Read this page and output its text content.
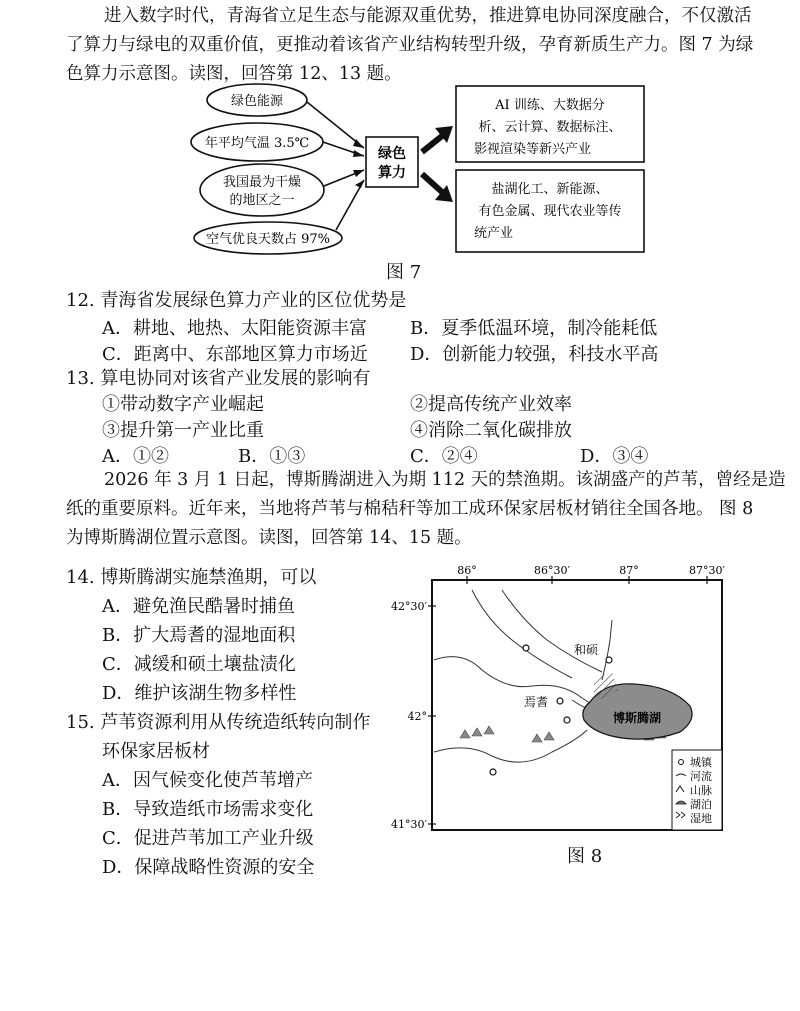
进入数字时代，青海省立足生态与能源双重优势，推进算电协同深度融合，不仅激活
了算力与绿电的双重价值，更推动着该省产业结构转型升级，孕育新质生产力。图 7 为绿
色算力示意图。读图，回答第 12、13 题。
绿色能源
年平均气温 3.5℃
我国最为干燥
的地区之一
空气优良天数占 97%
绿色
算力
AI 训练、大数据分
析、云计算、数据标注、
影视渲染等新兴产业
盐湖化工、新能源、
有色金属、现代农业等传
统产业
图 7
12. 青海省发展绿色算力产业的区位优势是
A．耕地、地热、太阳能资源丰富 B．夏季低温环境，制冷能耗低
C．距离中、东部地区算力市场近 D．创新能力较强，科技水平高
13. 算电协同对该省产业发展的影响有
①带动数字产业崛起	②提高传统产业效率
③提升第一产业比重	④消除二氧化碳排放
A．①②	B．①③	C．②④	D．③④
2026 年 3 月 1 日起，博斯腾湖进入为期 112 天的禁渔期。该湖盛产的芦苇，曾经是造
纸的重要原料。近年来，当地将芦苇与棉秸秆等加工成环保家居板材销往全国各地。 图 8
为博斯腾湖位置示意图。读图，回答第 14、15 题。
14. 博斯腾湖实施禁渔期，可以
A．避免渔民酷暑时捕鱼
B．扩大焉耆的湿地面积
C．减缓和硕土壤盐渍化
D．维护该湖生物多样性
15. 芦苇资源利用从传统造纸转向制作
环保家居板材
A．因气候变化使芦苇增产
B．导致造纸市场需求变化
C．促进芦苇加工产业升级
D．保障战略性资源的安全
86°	86°30′	87°	87°30′
42°30′
42°
41°30′
和硕
焉耆
博斯腾湖
城镇
河流
山脉
湖泊
湿地
图 8
